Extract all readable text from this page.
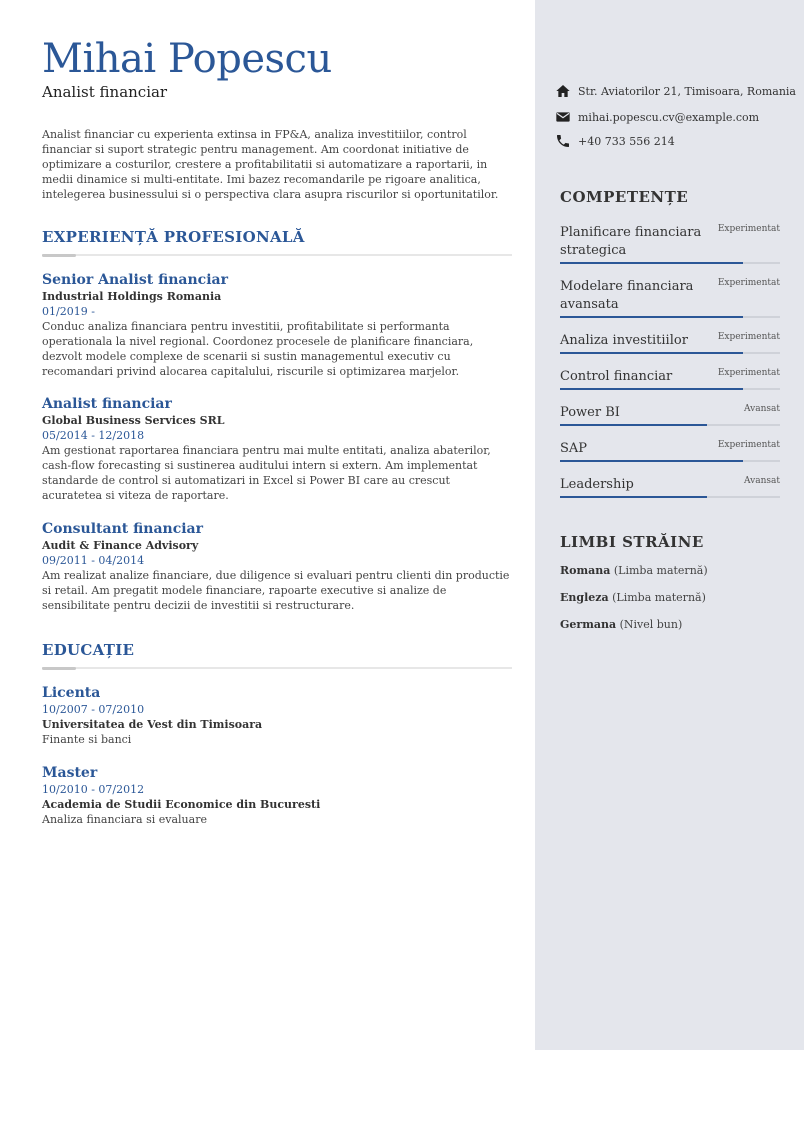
Mihai Popescu
Analist financiar
Analist financiar cu experienta extinsa in FP&A, analiza investitiilor, control financiar si suport strategic pentru management. Am coordonat initiative de optimizare a costurilor, crestere a profitabilitatii si automatizare a raportarii, in medii dinamice si multi-entitate. Imi bazez recomandarile pe rigoare analitica, intelegerea businessului si o perspectiva clara asupra riscurilor si oportunitatilor.
EXPERIENȚĂ PROFESIONALĂ
Senior Analist financiar
Industrial Holdings Romania
01/2019 -
Conduc analiza financiara pentru investitii, profitabilitate si performanta operationala la nivel regional. Coordonez procesele de planificare financiara, dezvolt modele complexe de scenarii si sustin managementul executiv cu recomandari privind alocarea capitalului, riscurile si optimizarea marjelor.
Analist financiar
Global Business Services SRL
05/2014 - 12/2018
Am gestionat raportarea financiara pentru mai multe entitati, analiza abaterilor, cash-flow forecasting si sustinerea auditului intern si extern. Am implementat standarde de control si automatizari in Excel si Power BI care au crescut acuratetea si viteza de raportare.
Consultant financiar
Audit & Finance Advisory
09/2011 - 04/2014
Am realizat analize financiare, due diligence si evaluari pentru clienti din productie si retail. Am pregatit modele financiare, rapoarte executive si analize de sensibilitate pentru decizii de investitii si restructurare.
EDUCAȚIE
Licenta
10/2007 - 07/2010
Universitatea de Vest din Timisoara
Finante si banci
Master
10/2010 - 07/2012
Academia de Studii Economice din Bucuresti
Analiza financiara si evaluare
Str. Aviatorilor 21, Timisoara, Romania
mihai.popescu.cv@example.com
+40 733 556 214
COMPETENȚE
Planificare financiara strategica
Experimentat
Modelare financiara avansata
Experimentat
Analiza investitiilor	Experimentat
Control financiar	Experimentat
Power BI	Avansat
SAP	Experimentat
Leadership	Avansat
LIMBI STRĂINE
Romana (Limba maternă)
Engleza (Limba maternă)
Germana (Nivel bun)
